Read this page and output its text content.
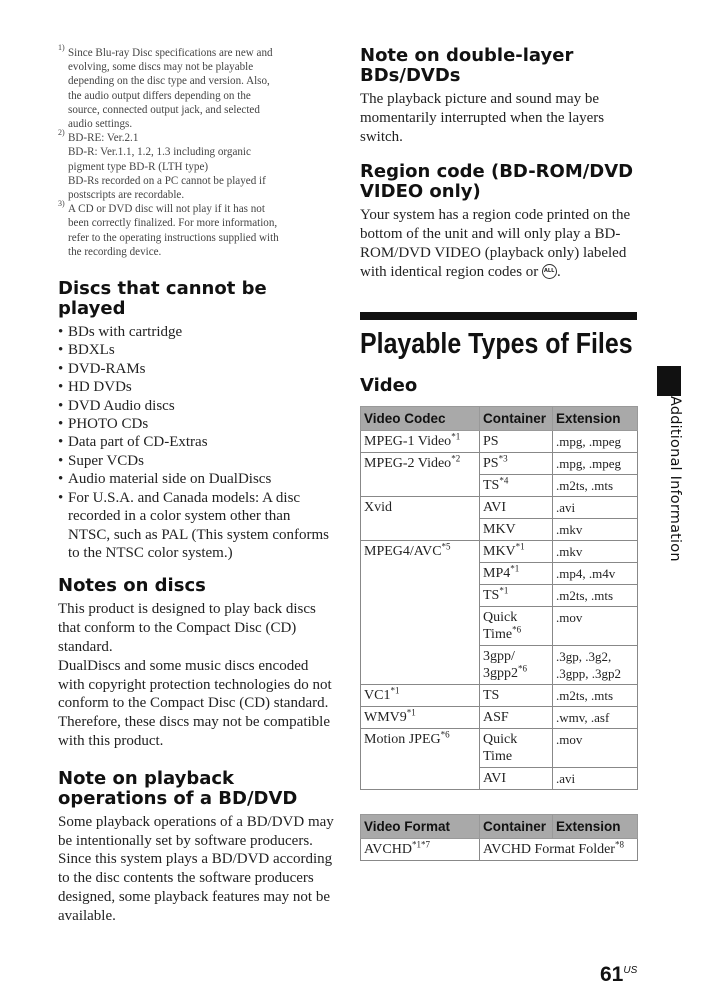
1) Since Blu-ray Disc specifications are new and
evolving, some discs may not be playable
depending on the disc type and version. Also,
the audio output differs depending on the
source, connected output jack, and selected
audio settings.
2) BD-RE: Ver.2.1
BD-R: Ver.1.1, 1.2, 1.3 including organic
pigment type BD-R (LTH type)
BD-Rs recorded on a PC cannot be played if
postscripts are recordable.
3) A CD or DVD disc will not play if it has not
been correctly finalized. For more information,
refer to the operating instructions supplied with
the recording device.
Discs that cannot be played
• BDs with cartridge
• BDXLs
• DVD-RAMs
• HD DVDs
• DVD Audio discs
• PHOTO CDs
• Data part of CD-Extras
• Super VCDs
• Audio material side on DualDiscs
• For U.S.A. and Canada models: A disc recorded in a color system other than NTSC, such as PAL (This system conforms to the NTSC color system.)
Notes on discs

This product is designed to play back discs that conform to the Compact Disc (CD) standard.

DualDiscs and some music discs encoded with copyright protection technologies do not conform to the Compact Disc (CD) standard. Therefore, these discs may not be compatible with this product.

Note on playback operations of a BD/DVD

Some playback operations of a BD/DVD may be intentionally set by software producers. Since this system plays a BD/DVD according to the disc contents the software producers designed, some playback features may not be available.

Note on double-layer BDs/DVDs

The playback picture and sound may be momentarily interrupted when the layers switch.

Region code (BD-ROM/DVD VIDEO only)

Your system has a region code printed on the bottom of the unit and will only play a BD-ROM/DVD VIDEO (playback only) labeled with identical region codes or ALL .

Playable Types of Files
Video
Video Codec	Container	Extension
MPEG-1 Video$^{*1}$	PS	.mpg, .mpeg
MPEG-2 Video$^{*2}$	PS$^{*3}$	.mpg, .mpeg
	TS$^{*4}$	.m2ts, .mts
Xvid	AVI	.avi
	MKV	.mkv
MPEG4/AVC$^{*5}$	MKV$^{*1}$	.mkv
	MP4$^{*1}$	.mp4, .m4v
	TS$^{*1}$	.m2ts, .mts
	Quick Time$^{*6}$	.mov
	3gpp/ 3gpp2$^{*6}$	.3gp, .3g2, .3gpp, .3gp2
VC1$^{*1}$	TS	.m2ts, .mts
WMV9$^{*1}$	ASF	.wmv, .asf
Motion JPEG$^{*6}$	Quick Time	.mov
	AVI	.avi
Video Format	Container	Extension
$AVCHD^{*1*7}$	AVCHD Format Folder$^{*8}$
Additional Information
$61^{US}$
